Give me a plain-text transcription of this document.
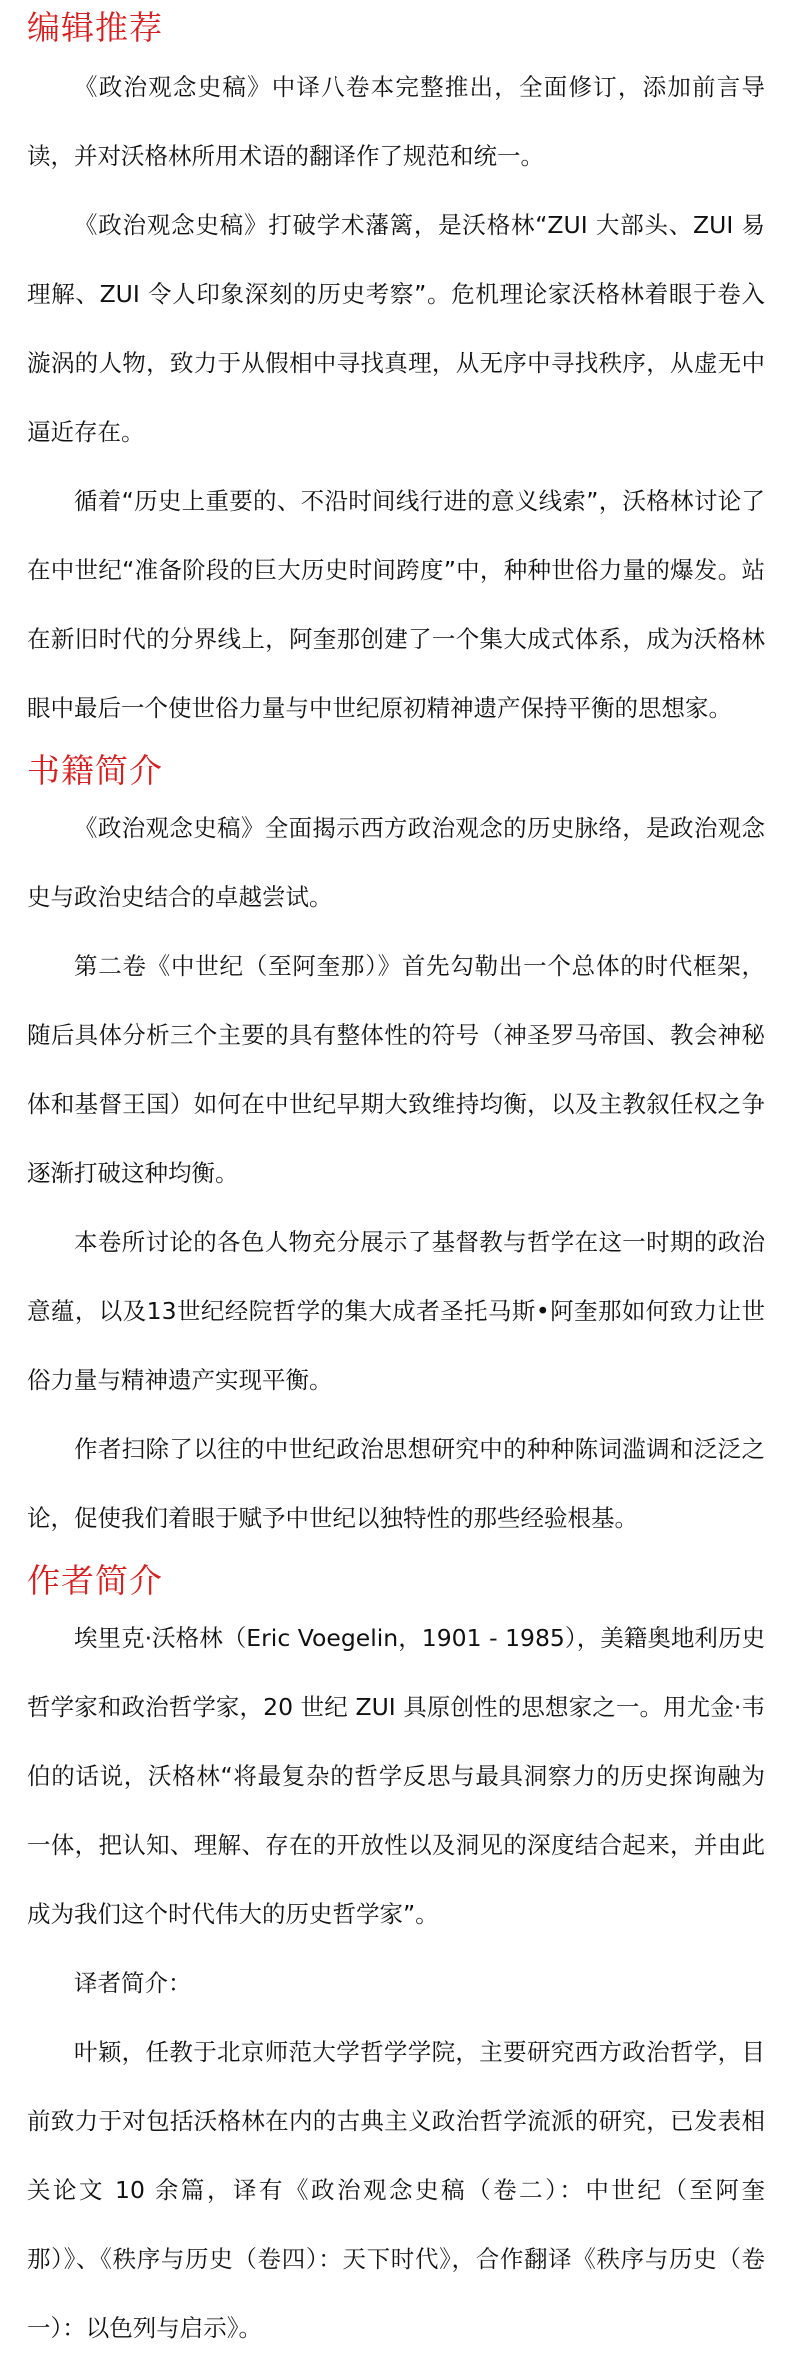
编辑推荐

《政治观念史稿》中译八卷本完整推出，全面修订，添加前言导读，并对沃格林所用术语的翻译作了规范和统一。

《政治观念史稿》打破学术藩篱，是沃格林“ZUI 大部头、ZUI 易理解、ZUI 令人印象深刻的历史考察”。危机理论家沃格林着眼于卷入漩涡的人物，致力于从假相中寻找真理，从无序中寻找秩序，从虚无中逼近存在。

循着“历史上重要的、不沿时间线行进的意义线索”，沃格林讨论了在中世纪“准备阶段的巨大历史时间跨度”中，种种世俗力量的爆发。站在新旧时代的分界线上，阿奎那创建了一个集大成式体系，成为沃格林眼中最后一个使世俗力量与中世纪原初精神遗产保持平衡的思想家。

书籍简介

《政治观念史稿》全面揭示西方政治观念的历史脉络，是政治观念史与政治史结合的卓越尝试。

第二卷《中世纪（至阿奎那）》首先勾勒出一个总体的时代框架，随后具体分析三个主要的具有整体性的符号（神圣罗马帝国、教会神秘体和基督王国）如何在中世纪早期大致维持均衡，以及主教叙任权之争逐渐打破这种均衡。

本卷所讨论的各色人物充分展示了基督教与哲学在这一时期的政治意蕴，以及13世纪经院哲学的集大成者圣托马斯•阿奎那如何致力让世俗力量与精神遗产实现平衡。

作者扫除了以往的中世纪政治思想研究中的种种陈词滥调和泛泛之论，促使我们着眼于赋予中世纪以独特性的那些经验根基。

作者简介

埃里克·沃格林（Eric Voegelin，1901 - 1985），美籍奥地利历史哲学家和政治哲学家，20 世纪 ZUI 具原创性的思想家之一。用尤金·韦伯的话说，沃格林“将最复杂的哲学反思与最具洞察力的历史探询融为一体，把认知、理解、存在的开放性以及洞见的深度结合起来，并由此成为我们这个时代伟大的历史哲学家”。

译者简介：

叶颖，任教于北京师范大学哲学学院，主要研究西方政治哲学，目前致力于对包括沃格林在内的古典主义政治哲学流派的研究，已发表相关论文 10 余篇，译有《政治观念史稿（卷二）：中世纪（至阿奎那）》、《秩序与历史（卷四）：天下时代》，合作翻译《秩序与历史（卷一）：以色列与启示》。
